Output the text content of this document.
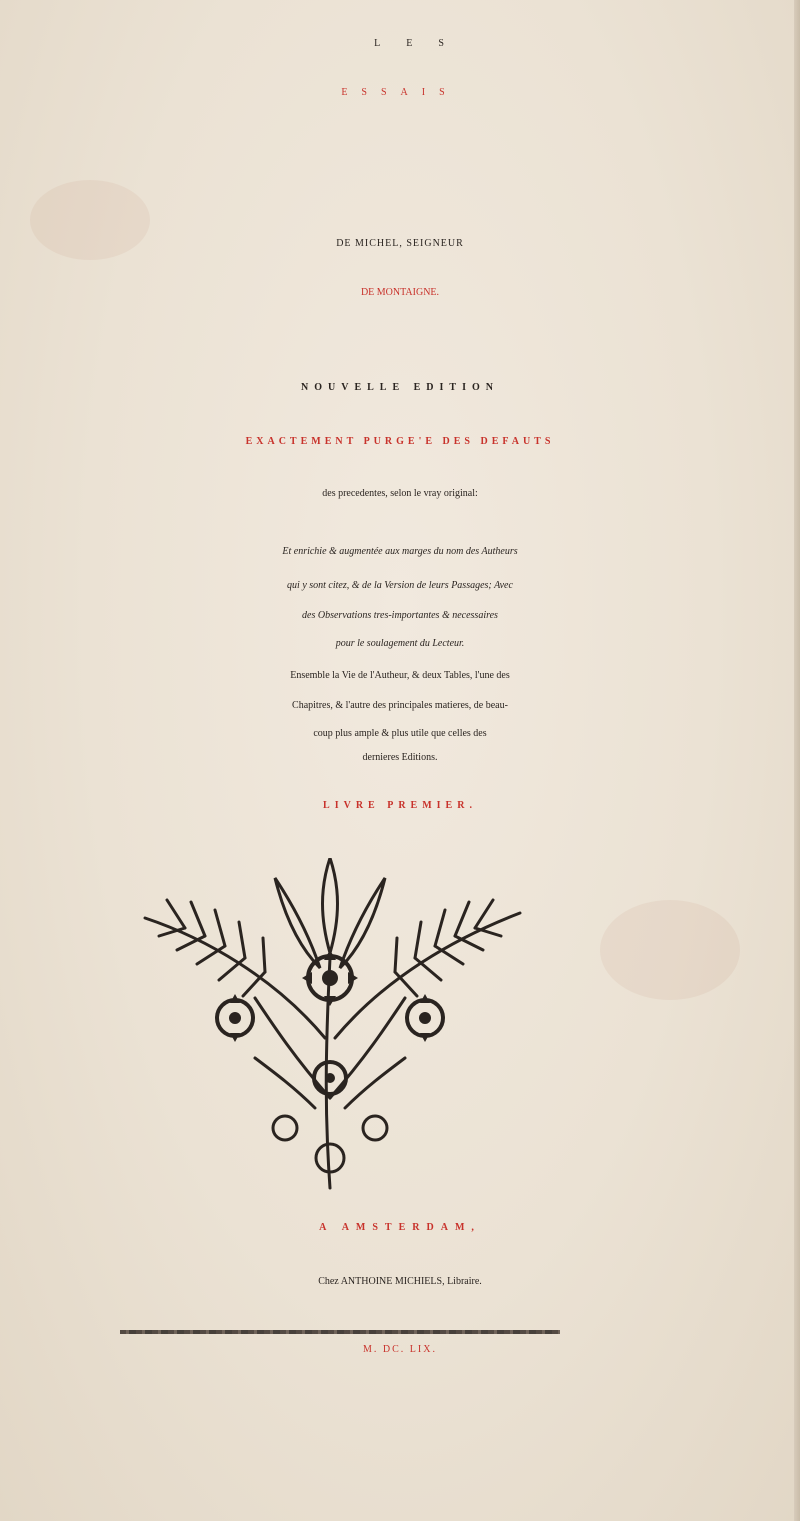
LES
ESSAIS
DE MICHEL, SEIGNEUR
DE MONTAIGNE.
NOUVELLE EDITION
EXACTEMENT PURGE'E DES DEFAUTS
des precedentes, selon le vray original:
Et enrichie & augmentée aux marges du nom des Autheurs
qui y sont citez, & de la Version de leurs Passages; Avec
des Observations tres-importantes & necessaires
pour le soulagement du Lecteur.
Ensemble la Vie de l'Autheur, & deux Tables, l'une des
Chapitres, & l'autre des principales matieres, de beau-
coup plus ample & plus utile que celles des
dernieres Editions.
LIVRE PREMIER.
A AMSTERDAM,
Chez ANTHOINE MICHIELS, Libraire.
M. DC. LIX.
